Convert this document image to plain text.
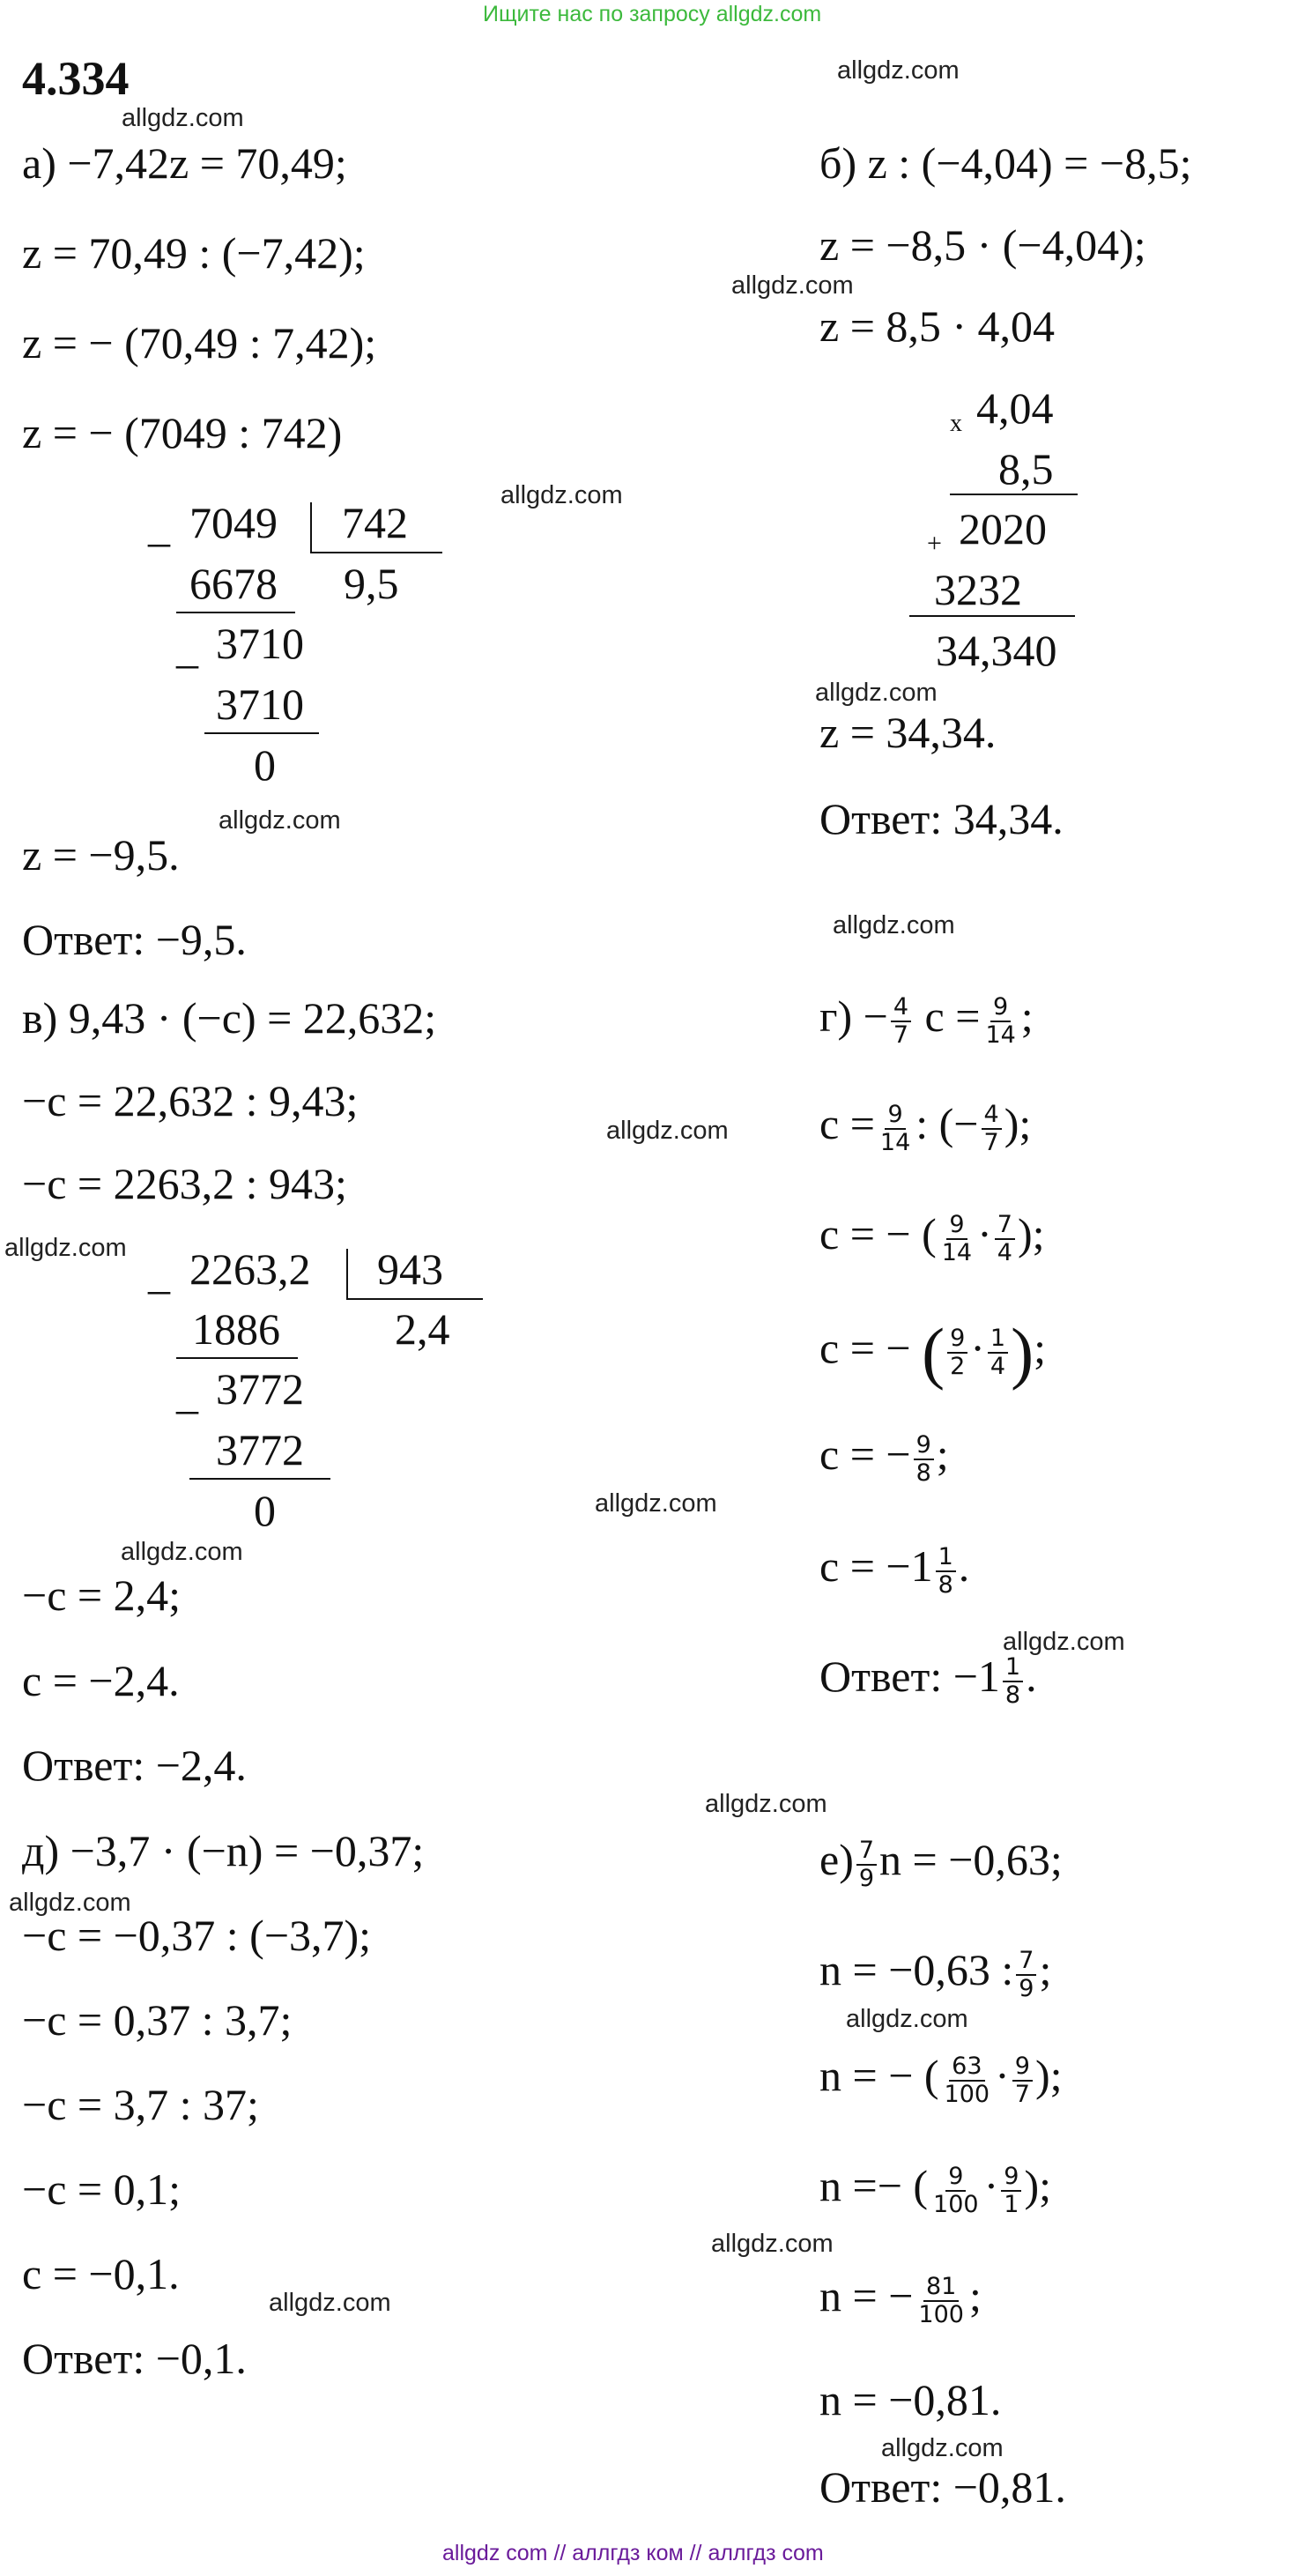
Ищите нас по запросу allgdz.com
allgdz com // аллгдз ком // аллгдз com
4.334
allgdz.com
allgdz.com
allgdz.com
allgdz.com
allgdz.com
allgdz.com
allgdz.com
allgdz.com
allgdz.com
allgdz.com
allgdz.com
allgdz.com
allgdz.com
allgdz.com
allgdz.com
allgdz.com
allgdz.com
allgdz.com
а) −7,42z = 70,49;
z = 70,49 : (−7,42);
z = − (70,49 : 7,42);
z = − (7049 : 742)
_ 7049 742
6678 9,5
_ 3710
3710
0
z = −9,5.
Ответ: −9,5.
б) z : (−4,04) = −8,5;
z = −8,5 · (−4,04);
z = 8,5 · 4,04
x 4,04
8,5
+ 2020
3232
34,340
z = 34,34.
Ответ: 34,34.
в) 9,43 · (−c) = 22,632;
−c = 22,632 : 9,43;
−c = 2263,2 : 943;
_ 2263,2 943
1886	2,4
_ 3772
3772
0
−c = 2,4;
c = −2,4.
Ответ: −2,4.
$г) - \frac{4}{7}$ $c = \frac{9}{14}$ ;
$c = \frac{9}{14}$ : (− $\frac{4}{7}$ );
c = − ( $\frac{9}{14} \cdot \frac{7}{4}$ );
c = − ( $\frac{9}{2} \cdot \frac{1}{4}$ );
c = − $\frac{9}{8}$ ;
$c = -1 \frac{1}{8}$ .
Ответ: $-1 \frac{1}{8}$ .
д) −3,7 · (−n) = −0,37;
−c = −0,37 : (−3,7);
−c = 0,37 : 3,7;
−c = 3,7 : 37;
−c = 0,1;
c = −0,1.
Ответ: −0,1.
$е) \frac{7}{9}$ n = −0,63;
n = −0,63 : $\frac{7}{9}$ ;
n = − ( $\frac{63}{100} \cdot \frac{9}{7}$ );
n =− ( $\frac{9}{100} \cdot \frac{9}{1}$ );
n = − $\frac{81}{100}$ ;
n = −0,81.
Ответ: −0,81.
